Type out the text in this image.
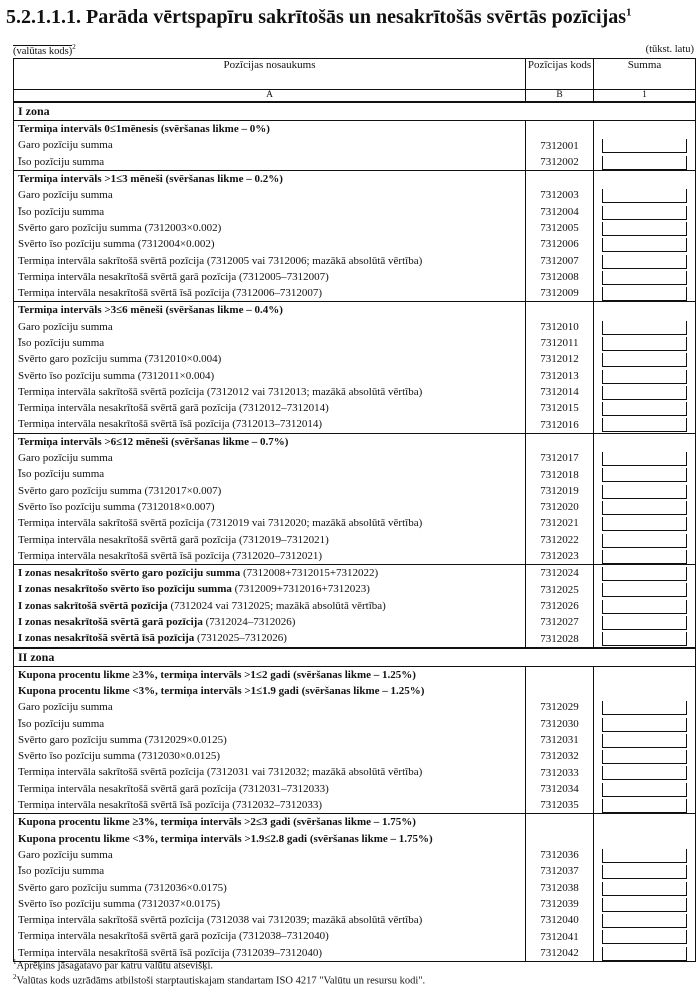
5.2.1.1.1. Parāda vērtspapīru sakrītošās un nesakrītošās svērtās pozīcijas$^1$
(valūtas kods)$^2$	(tūkst. latu)
Pozīcijas nosaukums	Pozīcijas kods	Summa
A	B	1
I zona		
Termiņa intervāls 0≤1mēnesis (svēršanas likme – 0%)		
Garo pozīciju summa	7312001	

Īso pozīciju summa	7312002	

Termiņa intervāls >1≤3 mēneši (svēršanas likme – 0.2%)		
Garo pozīciju summa	7312003	

Īso pozīciju summa	7312004	

Svērto garo pozīciju summa (7312003×0.002)	7312005	

Svērto īso pozīciju summa (7312004×0.002)	7312006	

Termiņa intervāla sakrītošā svērtā pozīcija (7312005 vai 7312006; mazākā absolūtā vērtība)	7312007	

Termiņa intervāla nesakrītošā svērtā garā pozīcija (7312005–7312007)	7312008	

Termiņa intervāla nesakrītošā svērtā īsā pozīcija (7312006–7312007)	7312009	

Termiņa intervāls >3≤6 mēneši (svēršanas likme – 0.4%)		
Garo pozīciju summa	7312010	

Īso pozīciju summa	7312011	

Svērto garo pozīciju summa (7312010×0.004)	7312012	

Svērto īso pozīciju summa (7312011×0.004)	7312013	

Termiņa intervāla sakrītošā svērtā pozīcija (7312012 vai 7312013; mazākā absolūtā vērtība)	7312014	

Termiņa intervāla nesakrītošā svērtā garā pozīcija (7312012–7312014)	7312015	

Termiņa intervāla nesakrītošā svērtā īsā pozīcija (7312013–7312014)	7312016	

Termiņa intervāls >6≤12 mēneši (svēršanas likme – 0.7%)		
Garo pozīciju summa	7312017	

Īso pozīciju summa	7312018	

Svērto garo pozīciju summa (7312017×0.007)	7312019	

Svērto īso pozīciju summa (7312018×0.007)	7312020	

Termiņa intervāla sakrītošā svērtā pozīcija (7312019 vai 7312020; mazākā absolūtā vērtība)	7312021	

Termiņa intervāla nesakrītošā svērtā garā pozīcija (7312019–7312021)	7312022	

Termiņa intervāla nesakrītošā svērtā īsā pozīcija (7312020–7312021)	7312023	

I zonas nesakrītošo svērto garo pozīciju summa (7312008+7312015+7312022)	7312024	

I zonas nesakrītošo svērto īso pozīciju summa (7312009+7312016+7312023)	7312025	

I zonas sakrītošā svērtā pozīcija (7312024 vai 7312025; mazākā absolūtā vērtība)	7312026	

I zonas nesakrītošā svērtā garā pozīcija (7312024–7312026)	7312027	

I zonas nesakrītošā svērtā īsā pozīcija (7312025–7312026)	7312028	

II zona		
Kupona procentu likme ≥3%, termiņa intervāls >1≤2 gadi (svēršanas likme – 1.25%)		
Kupona procentu likme <3%, termiņa intervāls >1≤1.9 gadi (svēršanas likme – 1.25%)		
Garo pozīciju summa	7312029	

Īso pozīciju summa	7312030	

Svērto garo pozīciju summa (7312029×0.0125)	7312031	

Svērto īso pozīciju summa (7312030×0.0125)	7312032	

Termiņa intervāla sakrītošā svērtā pozīcija (7312031 vai 7312032; mazākā absolūtā vērtība)	7312033	

Termiņa intervāla nesakrītošā svērtā garā pozīcija (7312031–7312033)	7312034	

Termiņa intervāla nesakrītošā svērtā īsā pozīcija (7312032–7312033)	7312035	

Kupona procentu likme ≥3%, termiņa intervāls >2≤3 gadi (svēršanas likme – 1.75%)		
Kupona procentu likme <3%, termiņa intervāls >1.9≤2.8 gadi (svēršanas likme – 1.75%)		
Garo pozīciju summa	7312036	

Īso pozīciju summa	7312037	

Svērto garo pozīciju summa (7312036×0.0175)	7312038	

Svērto īso pozīciju summa (7312037×0.0175)	7312039	

Termiņa intervāla sakrītošā svērtā pozīcija (7312038 vai 7312039; mazākā absolūtā vērtība)	7312040	

Termiņa intervāla nesakrītošā svērtā garā pozīcija (7312038–7312040)	7312041	

Termiņa intervāla nesakrītošā svērtā īsā pozīcija (7312039–7312040)	7312042	
$^1$Aprēķins jāsagatavo par katru valūtu atsevišķi.
$^2$Valūtas kods uzrādāms atbilstoši starptautiskajam standartam ISO 4217 "Valūtu un resursu kodi".
